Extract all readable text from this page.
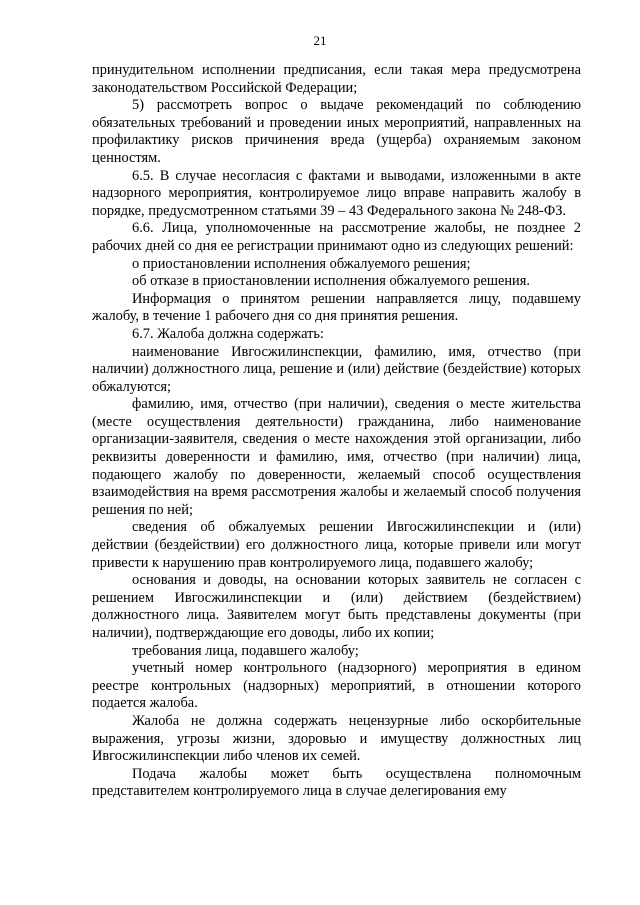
21

принудительном исполнении предписания, если такая мера предусмотрена законодательством Российской Федерации;

5) рассмотреть вопрос о выдаче рекомендаций по соблюдению обязательных требований и проведении иных мероприятий, направленных на профилактику рисков причинения вреда (ущерба) охраняемым законом ценностям.

6.5. В случае несогласия с фактами и выводами, изложенными в акте надзорного мероприятия, контролируемое лицо вправе направить жалобу в порядке, предусмотренном статьями 39 – 43 Федерального закона № 248-ФЗ.

6.6. Лица, уполномоченные на рассмотрение жалобы, не позднее 2 рабочих дней со дня ее регистрации принимают одно из следующих решений:

о приостановлении исполнения обжалуемого решения;

об отказе в приостановлении исполнения обжалуемого решения.

Информация о принятом решении направляется лицу, подавшему жалобу, в течение 1 рабочего дня со дня принятия решения.

6.7. Жалоба должна содержать:

наименование Ивгосжилинспекции, фамилию, имя, отчество (при наличии) должностного лица, решение и (или) действие (бездействие) которых обжалуются;

фамилию, имя, отчество (при наличии), сведения о месте жительства (месте осуществления деятельности) гражданина, либо наименование организации-заявителя, сведения о месте нахождения этой организации, либо реквизиты доверенности и фамилию, имя, отчество (при наличии) лица, подающего жалобу по доверенности, желаемый способ осуществления взаимодействия на время рассмотрения жалобы и желаемый способ получения решения по ней;

сведения об обжалуемых решении Ивгосжилинспекции и (или) действии (бездействии) его должностного лица, которые привели или могут привести к нарушению прав контролируемого лица, подавшего жалобу;

основания и доводы, на основании которых заявитель не согласен с решением Ивгосжилинспекции и (или) действием (бездействием) должностного лица. Заявителем могут быть представлены документы (при наличии), подтверждающие его доводы, либо их копии;

требования лица, подавшего жалобу;

учетный номер контрольного (надзорного) мероприятия в едином реестре контрольных (надзорных) мероприятий, в отношении которого подается жалоба.

Жалоба не должна содержать нецензурные либо оскорбительные выражения, угрозы жизни, здоровью и имуществу должностных лиц Ивгосжилинспекции либо членов их семей.

Подача жалобы может быть осуществлена полномочным представителем контролируемого лица в случае делегирования ему
